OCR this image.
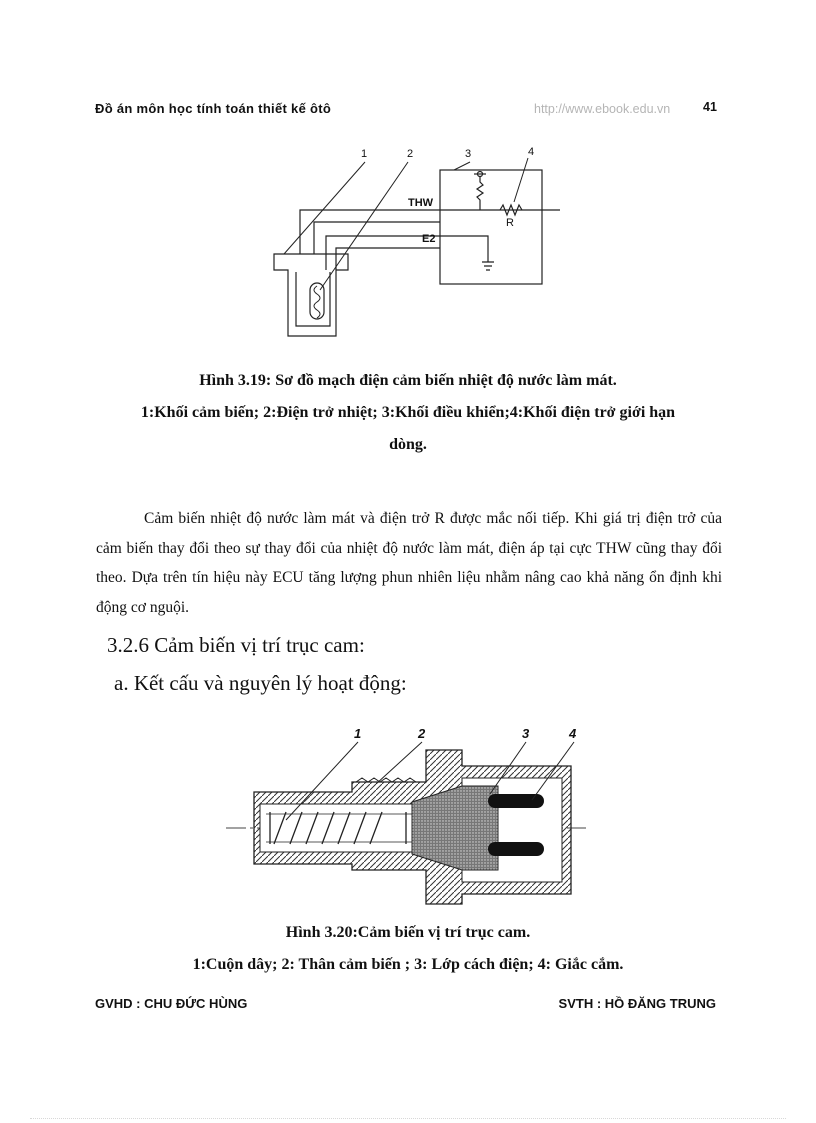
Đồ án môn học tính toán thiết kế ôtô	http://www.ebook.edu.vn	41
1	2	3	4
THW
E2
R
Hình 3.19: Sơ đồ mạch điện cảm biến nhiệt độ nước làm mát.
1:Khối cảm biến; 2:Điện trở nhiệt; 3:Khối điều khiển;4:Khối điện trở giới hạn
dòng.
Cảm biến nhiệt độ nước làm mát và điện trở R được mắc nối tiếp. Khi giá trị điện trở của cảm biến thay đổi theo sự thay đổi của nhiệt độ nước làm mát, điện áp tại cực THW cũng thay đổi theo. Dựa trên tín hiệu này ECU tăng lượng phun nhiên liệu nhằm nâng cao khả năng ổn định khi động cơ nguội.
3.2.6 Cảm biến vị trí trục cam:
a. Kết cấu và nguyên lý hoạt động:
1	2	3	4
Hình 3.20:Cảm biến vị trí trục cam.
1:Cuộn dây; 2: Thân cảm biến ; 3: Lớp cách điện; 4: Giắc cắm.
GVHD : CHU ĐỨC HÙNG	SVTH : HỒ ĐĂNG TRUNG
